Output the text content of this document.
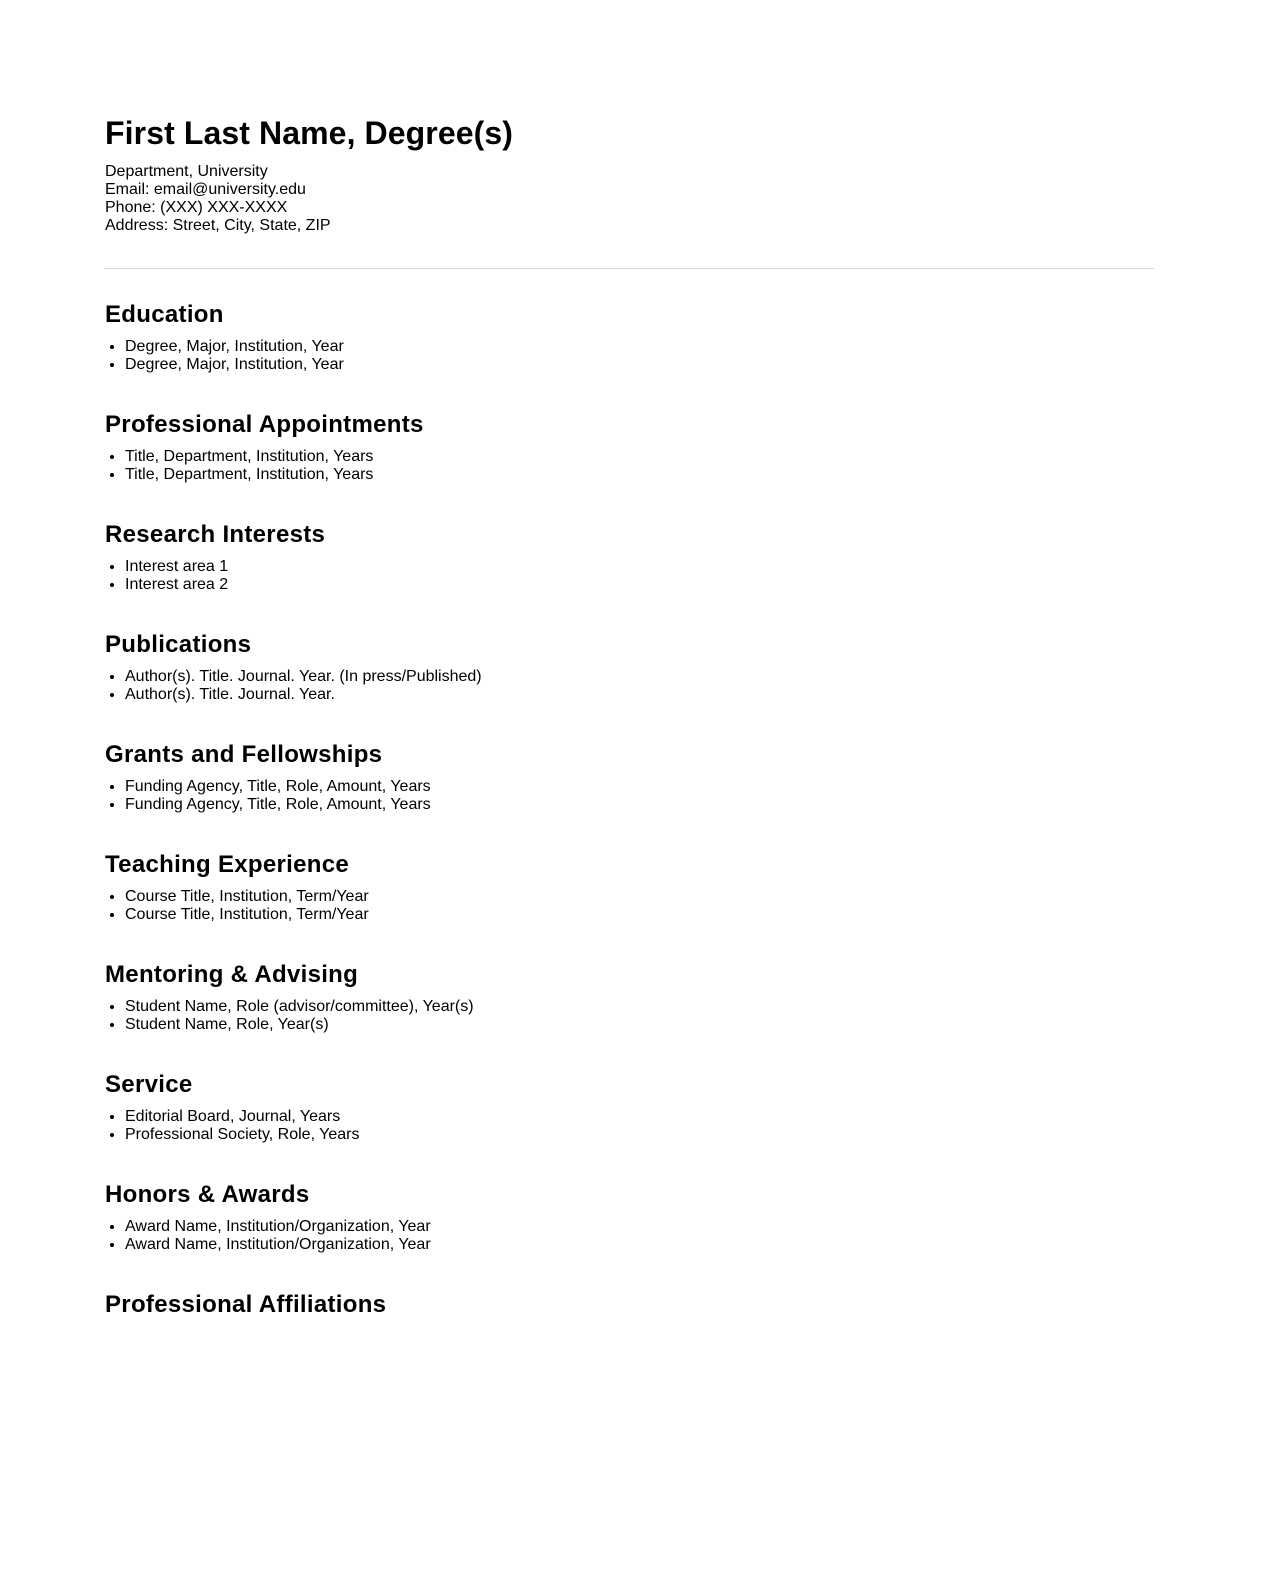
First Last Name, Degree(s)
Department, University
Email: email@university.edu
Phone: (XXX) XXX-XXXX
Address: Street, City, State, ZIP
Education
• Degree, Major, Institution, Year
• Degree, Major, Institution, Year
Professional Appointments
• Title, Department, Institution, Years
• Title, Department, Institution, Years
Research Interests
• Interest area 1
• Interest area 2
Publications
• Author(s). Title. Journal. Year. (In press/Published)
• Author(s). Title. Journal. Year.
Grants and Fellowships
• Funding Agency, Title, Role, Amount, Years
• Funding Agency, Title, Role, Amount, Years
Teaching Experience
• Course Title, Institution, Term/Year
• Course Title, Institution, Term/Year
Mentoring & Advising
• Student Name, Role (advisor/committee), Year(s)
• Student Name, Role, Year(s)
Service
• Editorial Board, Journal, Years
• Professional Society, Role, Years
Honors & Awards
• Award Name, Institution/Organization, Year
• Award Name, Institution/Organization, Year
Professional Affiliations
